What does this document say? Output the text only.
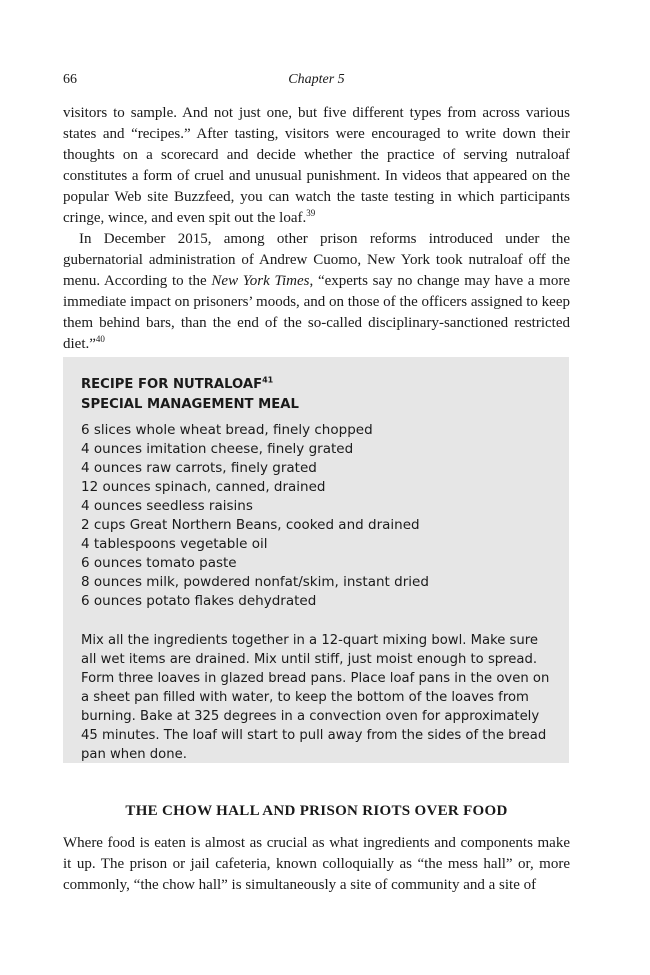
66	Chapter 5

visitors to sample. And not just one, but five different types from across various states and “recipes.” After tasting, visitors were encouraged to write down their thoughts on a scorecard and decide whether the practice of serving nutraloaf constitutes a form of cruel and unusual punishment. In videos that appeared on the popular Web site Buzzfeed, you can watch the taste testing in which participants cringe, wince, and even spit out the loaf.$^{39}$

In December 2015, among other prison reforms introduced under the gubernatorial administration of Andrew Cuomo, New York took nutraloaf off the menu. According to the New York Times, “experts say no change may have a more immediate impact on prisoners’ moods, and on those of the officers assigned to keep them behind bars, than the end of the so-called disciplinary-sanctioned restricted diet.”$^{40}$

RECIPE FOR NUTRALOAF$^{41}$
SPECIAL MANAGEMENT MEAL

6 slices whole wheat bread, finely chopped
4 ounces imitation cheese, finely grated
4 ounces raw carrots, finely grated
12 ounces spinach, canned, drained
4 ounces seedless raisins
2 cups Great Northern Beans, cooked and drained
4 tablespoons vegetable oil
6 ounces tomato paste
8 ounces milk, powdered nonfat/skim, instant dried
6 ounces potato flakes dehydrated

Mix all the ingredients together in a 12-quart mixing bowl. Make sure all wet items are drained. Mix until stiff, just moist enough to spread. Form three loaves in glazed bread pans. Place loaf pans in the oven on a sheet pan filled with water, to keep the bottom of the loaves from burning. Bake at 325 degrees in a convection oven for approximately 45 minutes. The loaf will start to pull away from the sides of the bread pan when done.

THE CHOW HALL AND PRISON RIOTS OVER FOOD

Where food is eaten is almost as crucial as what ingredients and components make it up. The prison or jail cafeteria, known colloquially as “the mess hall” or, more commonly, “the chow hall” is simultaneously a site of community and a site of
